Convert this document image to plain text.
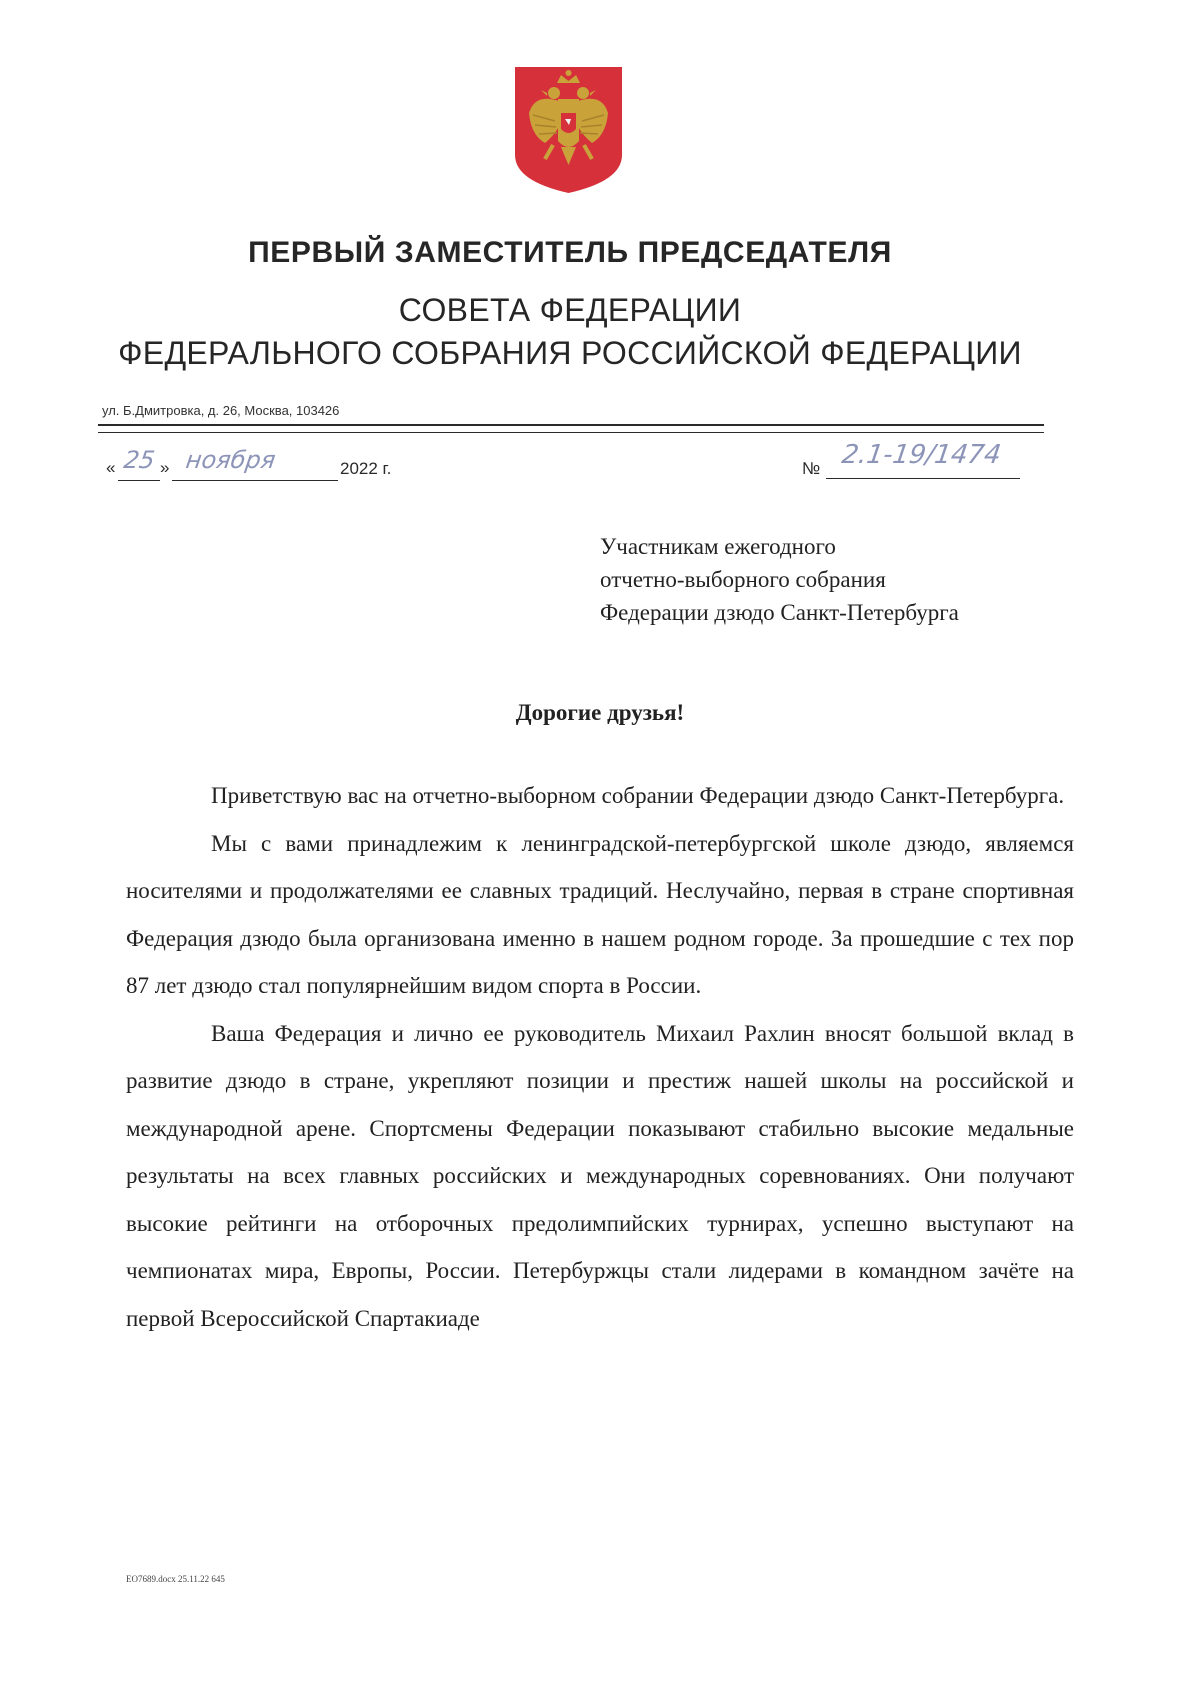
ПЕРВЫЙ ЗАМЕСТИТЕЛЬ ПРЕДСЕДАТЕЛЯ
СОВЕТА ФЕДЕРАЦИИ
ФЕДЕРАЛЬНОГО СОБРАНИЯ РОССИЙСКОЙ ФЕДЕРАЦИИ
ул. Б.Дмитровка, д. 26, Москва, 103426
« 25 » ноября	2022 г.	№ 2.1-19/1474
Участникам ежегодного
отчетно-выборного собрания
Федерации дзюдо Санкт-Петербурга
Дорогие друзья!

Приветствую вас на отчетно-выборном собрании Федерации дзюдо Санкт-Петербурга.

Мы с вами принадлежим к ленинградской-петербургской школе дзюдо, являемся носителями и продолжателями ее славных традиций. Неслучайно, первая в стране спортивная Федерация дзюдо была организована именно в нашем родном городе. За прошедшие с тех пор 87 лет дзюдо стал популярнейшим видом спорта в России.

Ваша Федерация и лично ее руководитель Михаил Рахлин вносят большой вклад в развитие дзюдо в стране, укрепляют позиции и престиж нашей школы на российской и международной арене. Спортсмены Федерации показывают стабильно высокие медальные результаты на всех главных российских и международных соревнованиях. Они получают высокие рейтинги на отборочных предолимпийских турнирах, успешно выступают на чемпионатах мира, Европы, России. Петербуржцы стали лидерами в командном зачёте на первой Всероссийской Спартакиаде

ЕО7689.docx 25.11.22 645
